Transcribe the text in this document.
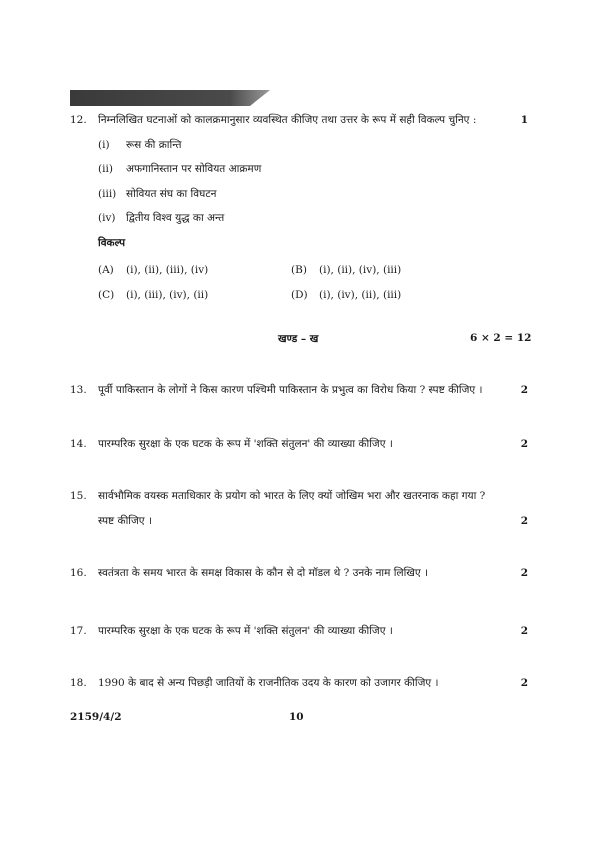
12. निम्नलिखित घटनाओं को कालक्रमानुसार व्यवस्थित कीजिए तथा उत्तर के रूप में सही विकल्प चुनिए :	1
(i) रूस की क्रान्ति
(ii) अफगानिस्तान पर सोवियत आक्रमण
(iii) सोवियत संघ का विघटन
(iv) द्वितीय विश्व युद्ध का अन्त
विकल्प
(A) (i), (ii), (iii), (iv)	(B) (i), (ii), (iv), (iii)
(C) (i), (iii), (iv), (ii)	(D) (i), (iv), (ii), (iii)
खण्ड – ख	6 × 2 = 12
13. पूर्वी पाकिस्तान के लोगों ने किस कारण पश्चिमी पाकिस्तान के प्रभुत्व का विरोध किया ? स्पष्ट कीजिए ।	2
14. पारम्परिक सुरक्षा के एक घटक के रूप में 'शक्ति संतुलन' की व्याख्या कीजिए ।	2
15. सार्वभौमिक वयस्क मताधिकार के प्रयोग को भारत के लिए क्यों जोखिम भरा और खतरनाक कहा गया ?
स्पष्ट कीजिए ।	2
16. स्वतंत्रता के समय भारत के समक्ष विकास के कौन से दो मॉडल थे ? उनके नाम लिखिए ।	2
17. पारम्परिक सुरक्षा के एक घटक के रूप में 'शक्ति संतुलन' की व्याख्या कीजिए ।	2
18. 1990 के बाद से अन्य पिछड़ी जातियों के राजनीतिक उदय के कारण को उजागर कीजिए ।	2
2159/4/2	10
